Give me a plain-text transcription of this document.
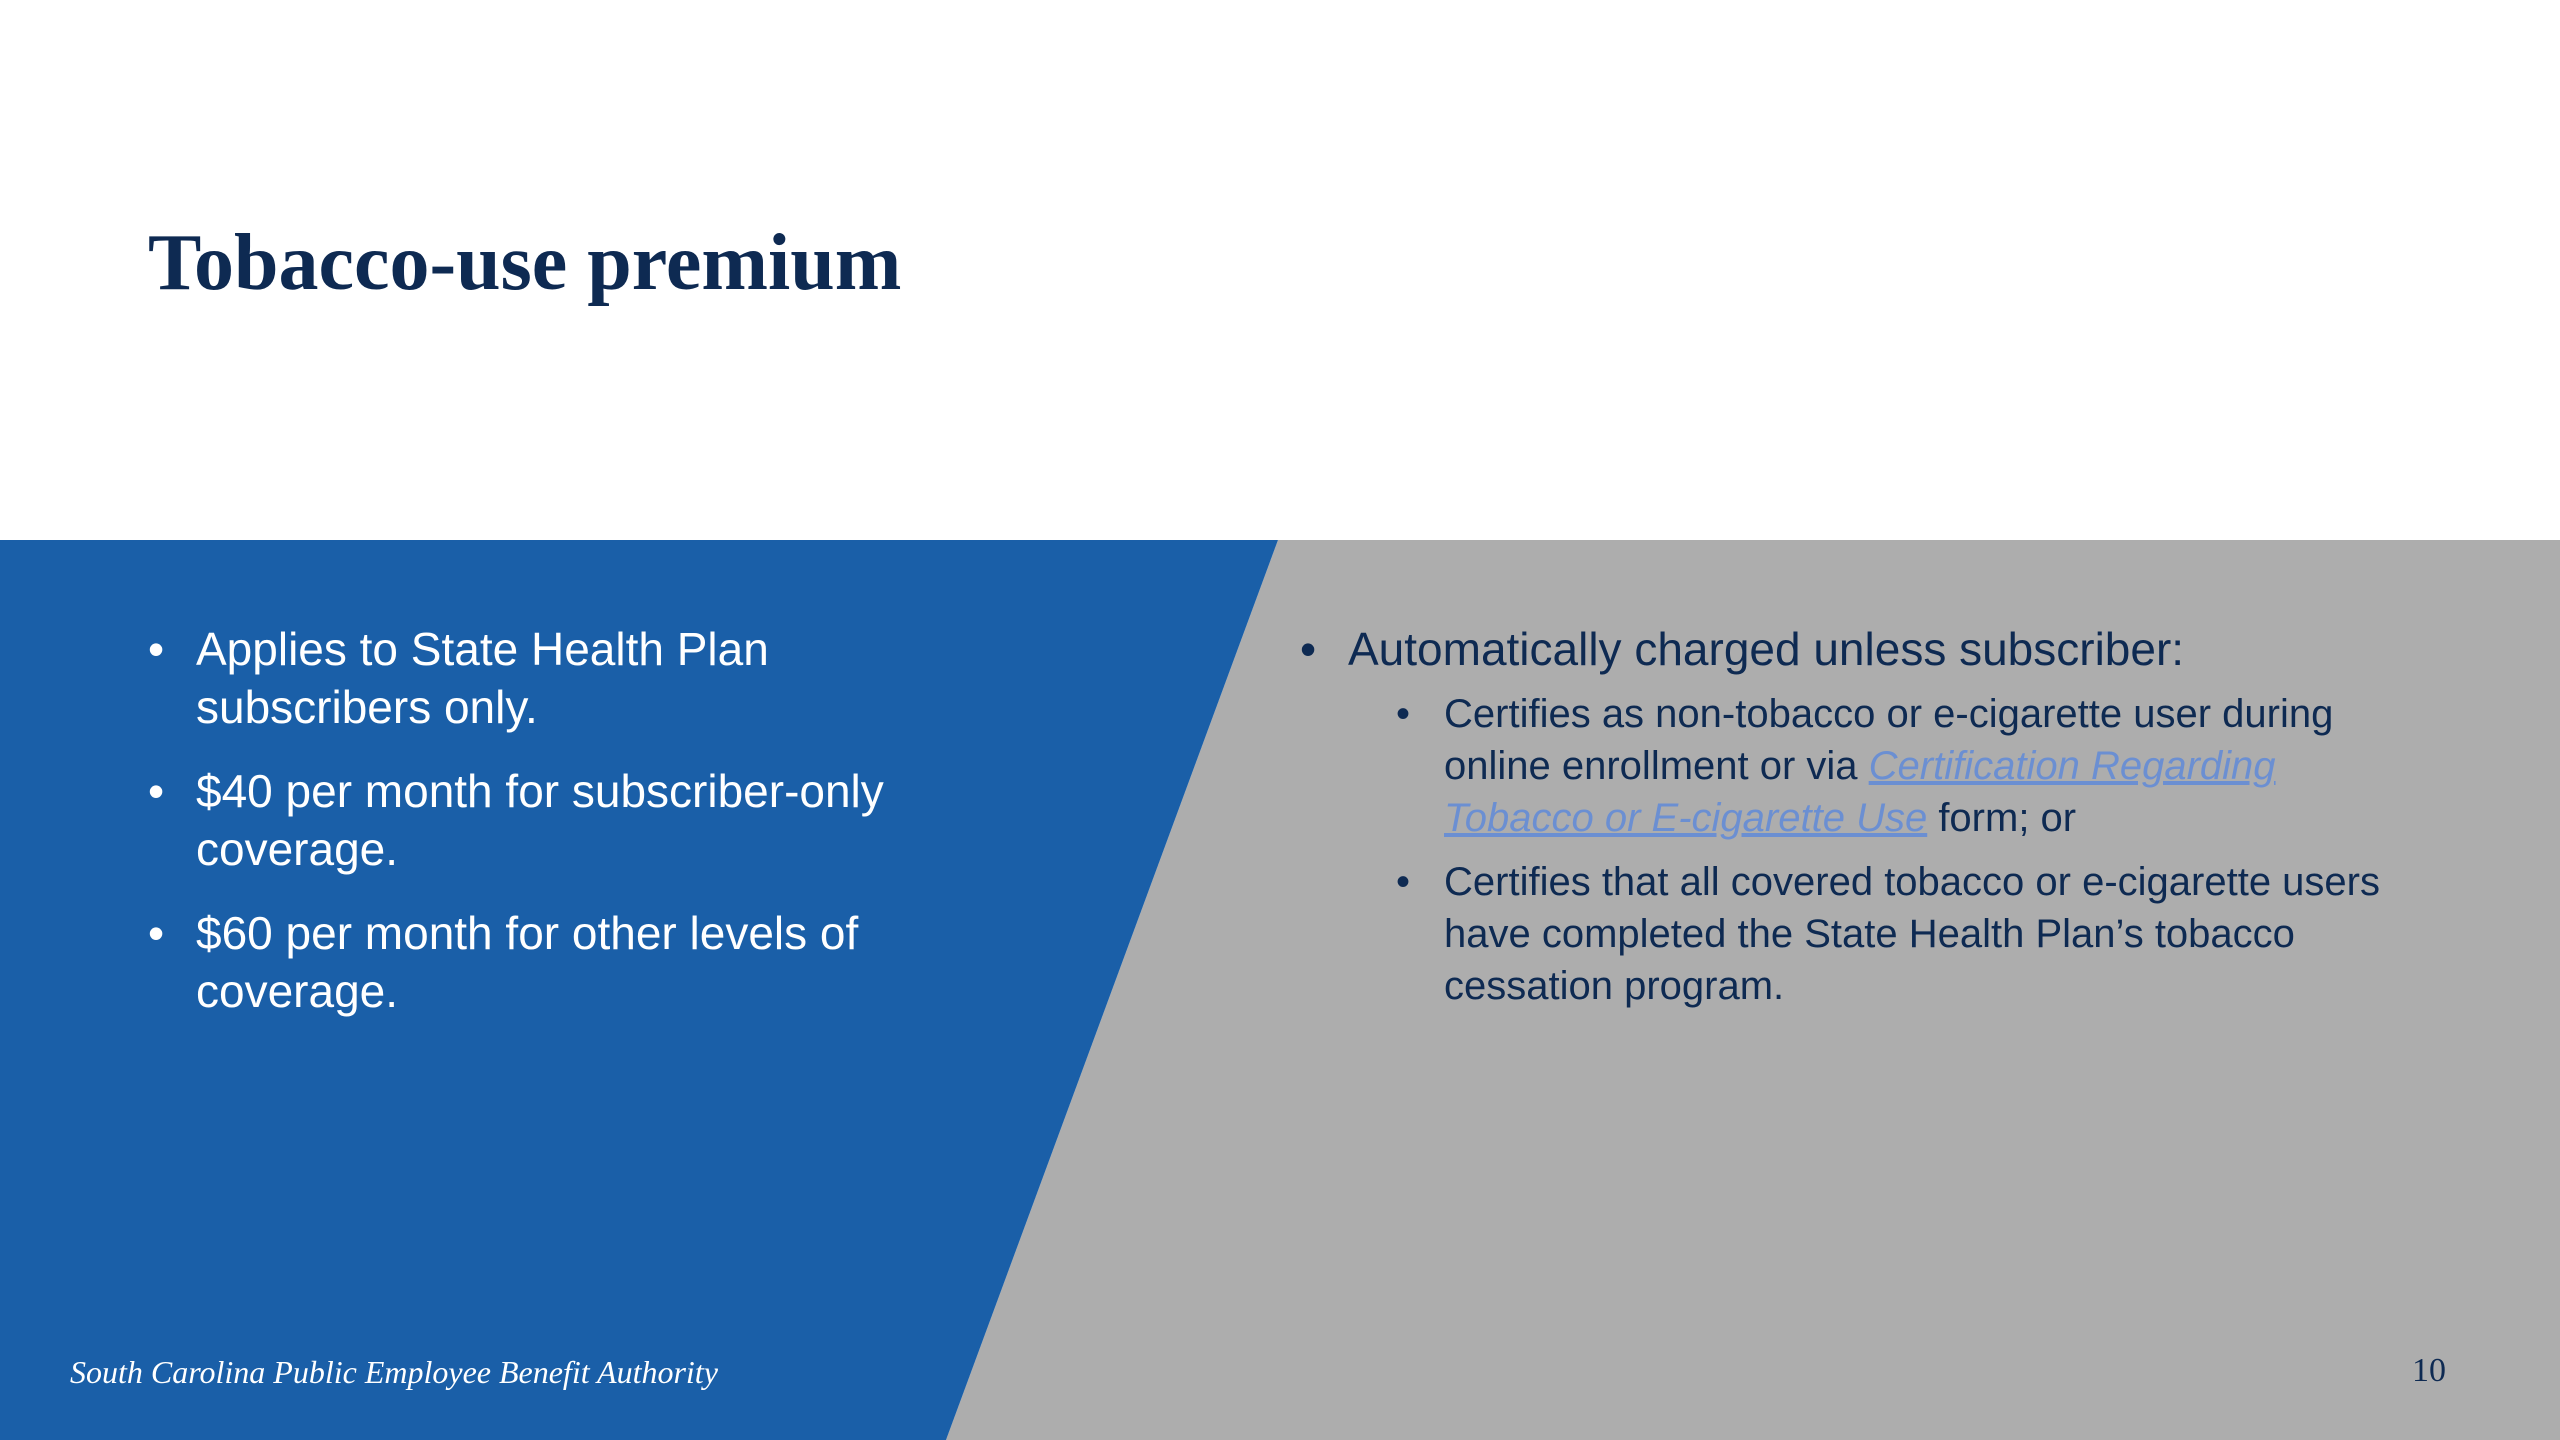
Tobacco-use premium
• Applies to State Health Plan subscribers only.
• $40 per month for subscriber-only coverage.
• $60 per month for other levels of coverage.
• Automatically charged unless subscriber:
• Certifies as non-tobacco or e-cigarette user during online enrollment or via Certification Regarding Tobacco or E-cigarette Use form; or
• Certifies that all covered tobacco or e-cigarette users have completed the State Health Plan’s tobacco cessation program.
South Carolina Public Employee Benefit Authority	10
